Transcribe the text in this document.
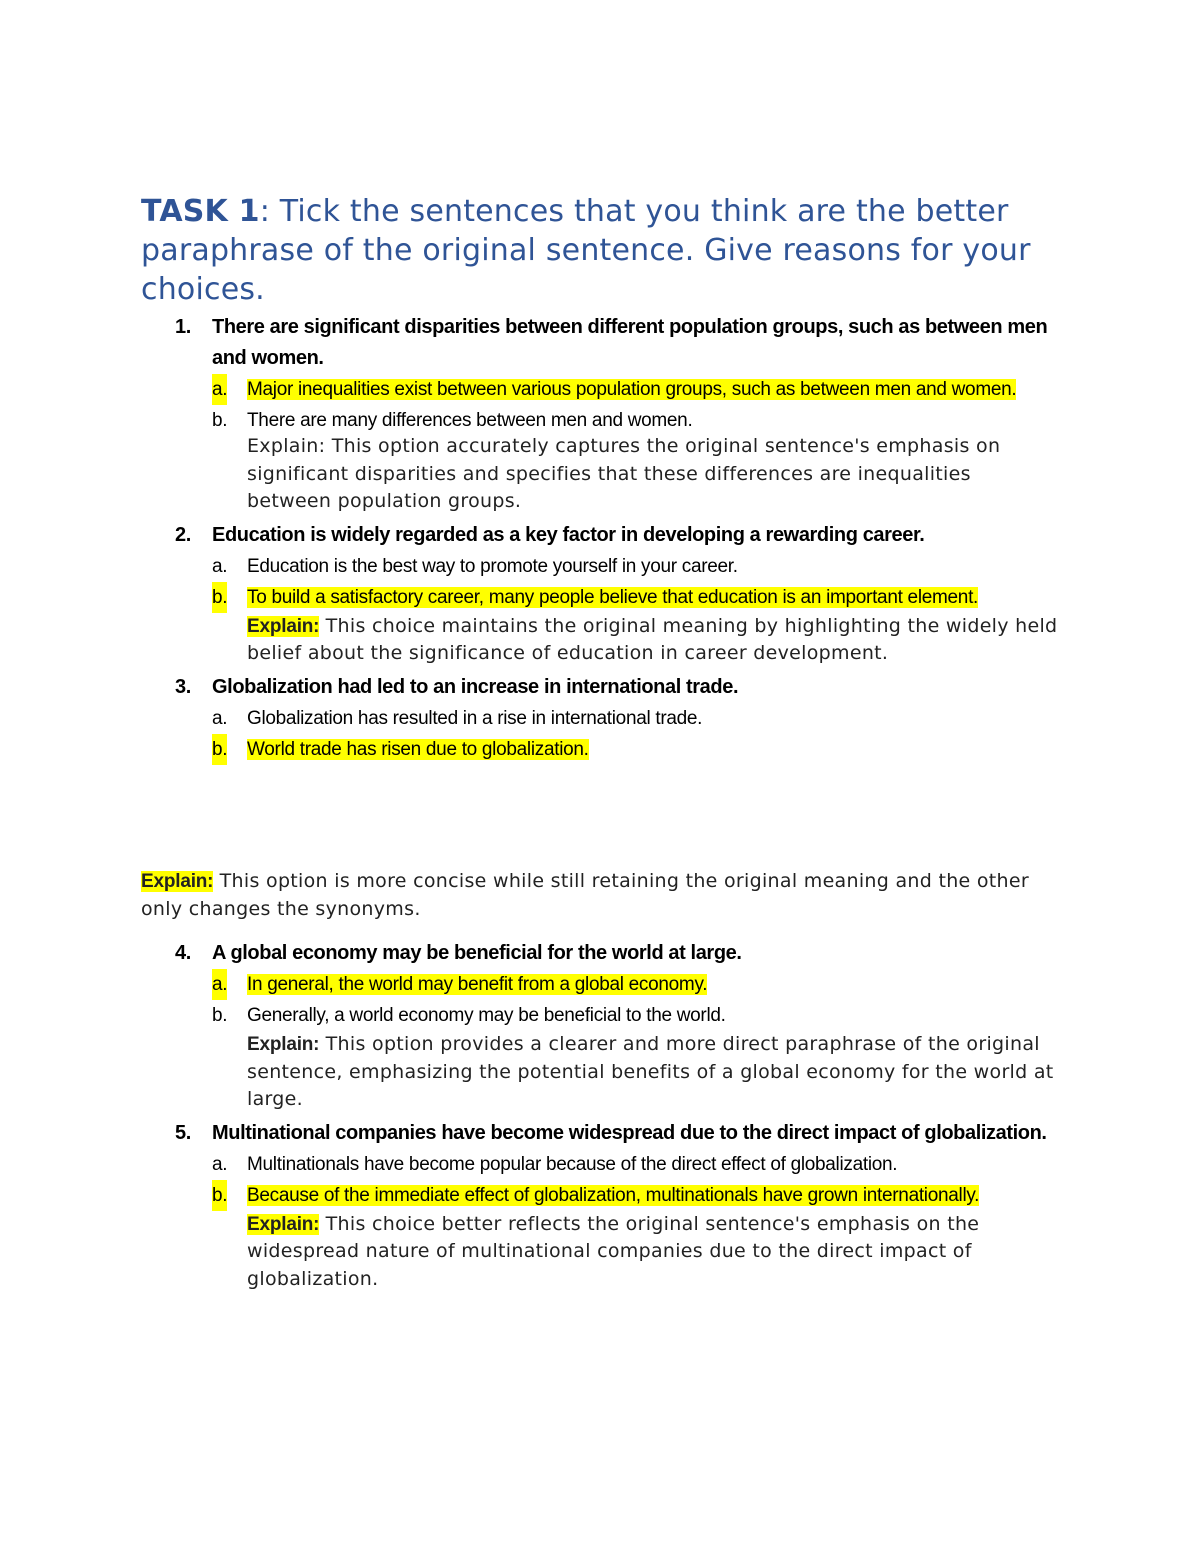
TASK 1: Tick the sentences that you think are the better paraphrase of the original sentence. Give reasons for your choices.

1. There are significant disparities between different population groups, such as between men and women.

a. Major inequalities exist between various population groups, such as between men and women.

b. There are many differences between men and women.

Explain: This option accurately captures the original sentence's emphasis on significant disparities and specifies that these differences are inequalities between population groups.

2. Education is widely regarded as a key factor in developing a rewarding career.

a. Education is the best way to promote yourself in your career.

b. To build a satisfactory career, many people believe that education is an important element.

Explain: This choice maintains the original meaning by highlighting the widely held belief about the significance of education in career development.

3. Globalization had led to an increase in international trade.

a. Globalization has resulted in a rise in international trade.

b. World trade has risen due to globalization.

Explain: This option is more concise while still retaining the original meaning and the other only changes the synonyms.

4. A global economy may be beneficial for the world at large.

a. In general, the world may benefit from a global economy.

b. Generally, a world economy may be beneficial to the world.

Explain: This option provides a clearer and more direct paraphrase of the original sentence, emphasizing the potential benefits of a global economy for the world at large.

5. Multinational companies have become widespread due to the direct impact of globalization.

a. Multinationals have become popular because of the direct effect of globalization.

b. Because of the immediate effect of globalization, multinationals have grown internationally.

Explain: This choice better reflects the original sentence's emphasis on the widespread nature of multinational companies due to the direct impact of globalization.
